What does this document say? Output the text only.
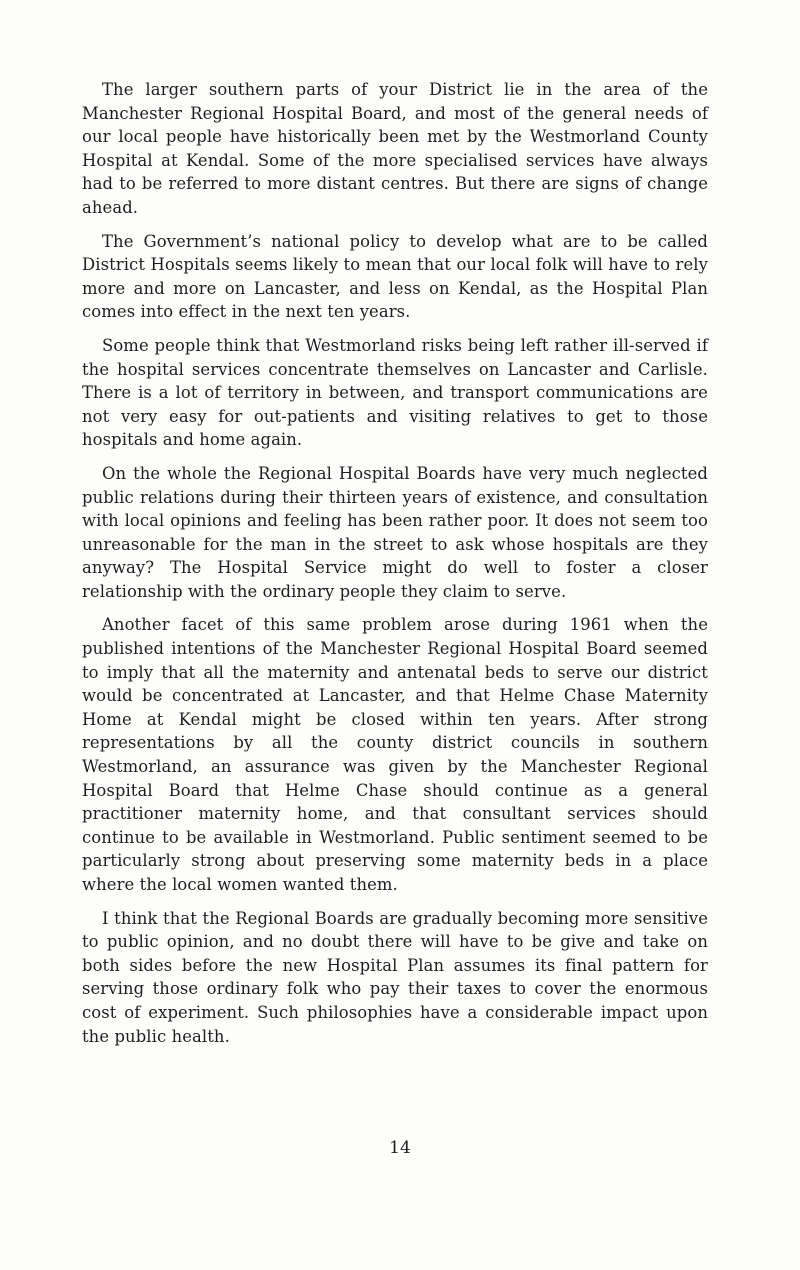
The larger southern parts of your District lie in the area of the Manchester Regional Hospital Board, and most of the general needs of our local people have historically been met by the Westmorland County Hospital at Kendal. Some of the more specialised services have always had to be referred to more distant centres. But there are signs of change ahead.

The Government’s national policy to develop what are to be called District Hospitals seems likely to mean that our local folk will have to rely more and more on Lancaster, and less on Kendal, as the Hospital Plan comes into effect in the next ten years.

Some people think that Westmorland risks being left rather ill-served if the hospital services concentrate themselves on Lancaster and Carlisle. There is a lot of territory in between, and transport communications are not very easy for out-patients and visiting relatives to get to those hospitals and home again.

On the whole the Regional Hospital Boards have very much neglected public relations during their thirteen years of existence, and consultation with local opinions and feeling has been rather poor. It does not seem too unreasonable for the man in the street to ask whose hospitals are they anyway? The Hospital Service might do well to foster a closer relationship with the ordinary people they claim to serve.

Another facet of this same problem arose during 1961 when the published intentions of the Manchester Regional Hospital Board seemed to imply that all the maternity and antenatal beds to serve our district would be concentrated at Lancaster, and that Helme Chase Maternity Home at Kendal might be closed within ten years. After strong representations by all the county district councils in southern Westmorland, an assurance was given by the Manchester Regional Hospital Board that Helme Chase should continue as a general practitioner maternity home, and that consultant services should continue to be available in Westmorland. Public sentiment seemed to be particularly strong about preserving some maternity beds in a place where the local women wanted them.

I think that the Regional Boards are gradually becoming more sensitive to public opinion, and no doubt there will have to be give and take on both sides before the new Hospital Plan assumes its final pattern for serving those ordinary folk who pay their taxes to cover the enormous cost of experiment. Such philosophies have a considerable impact upon the public health.

14
